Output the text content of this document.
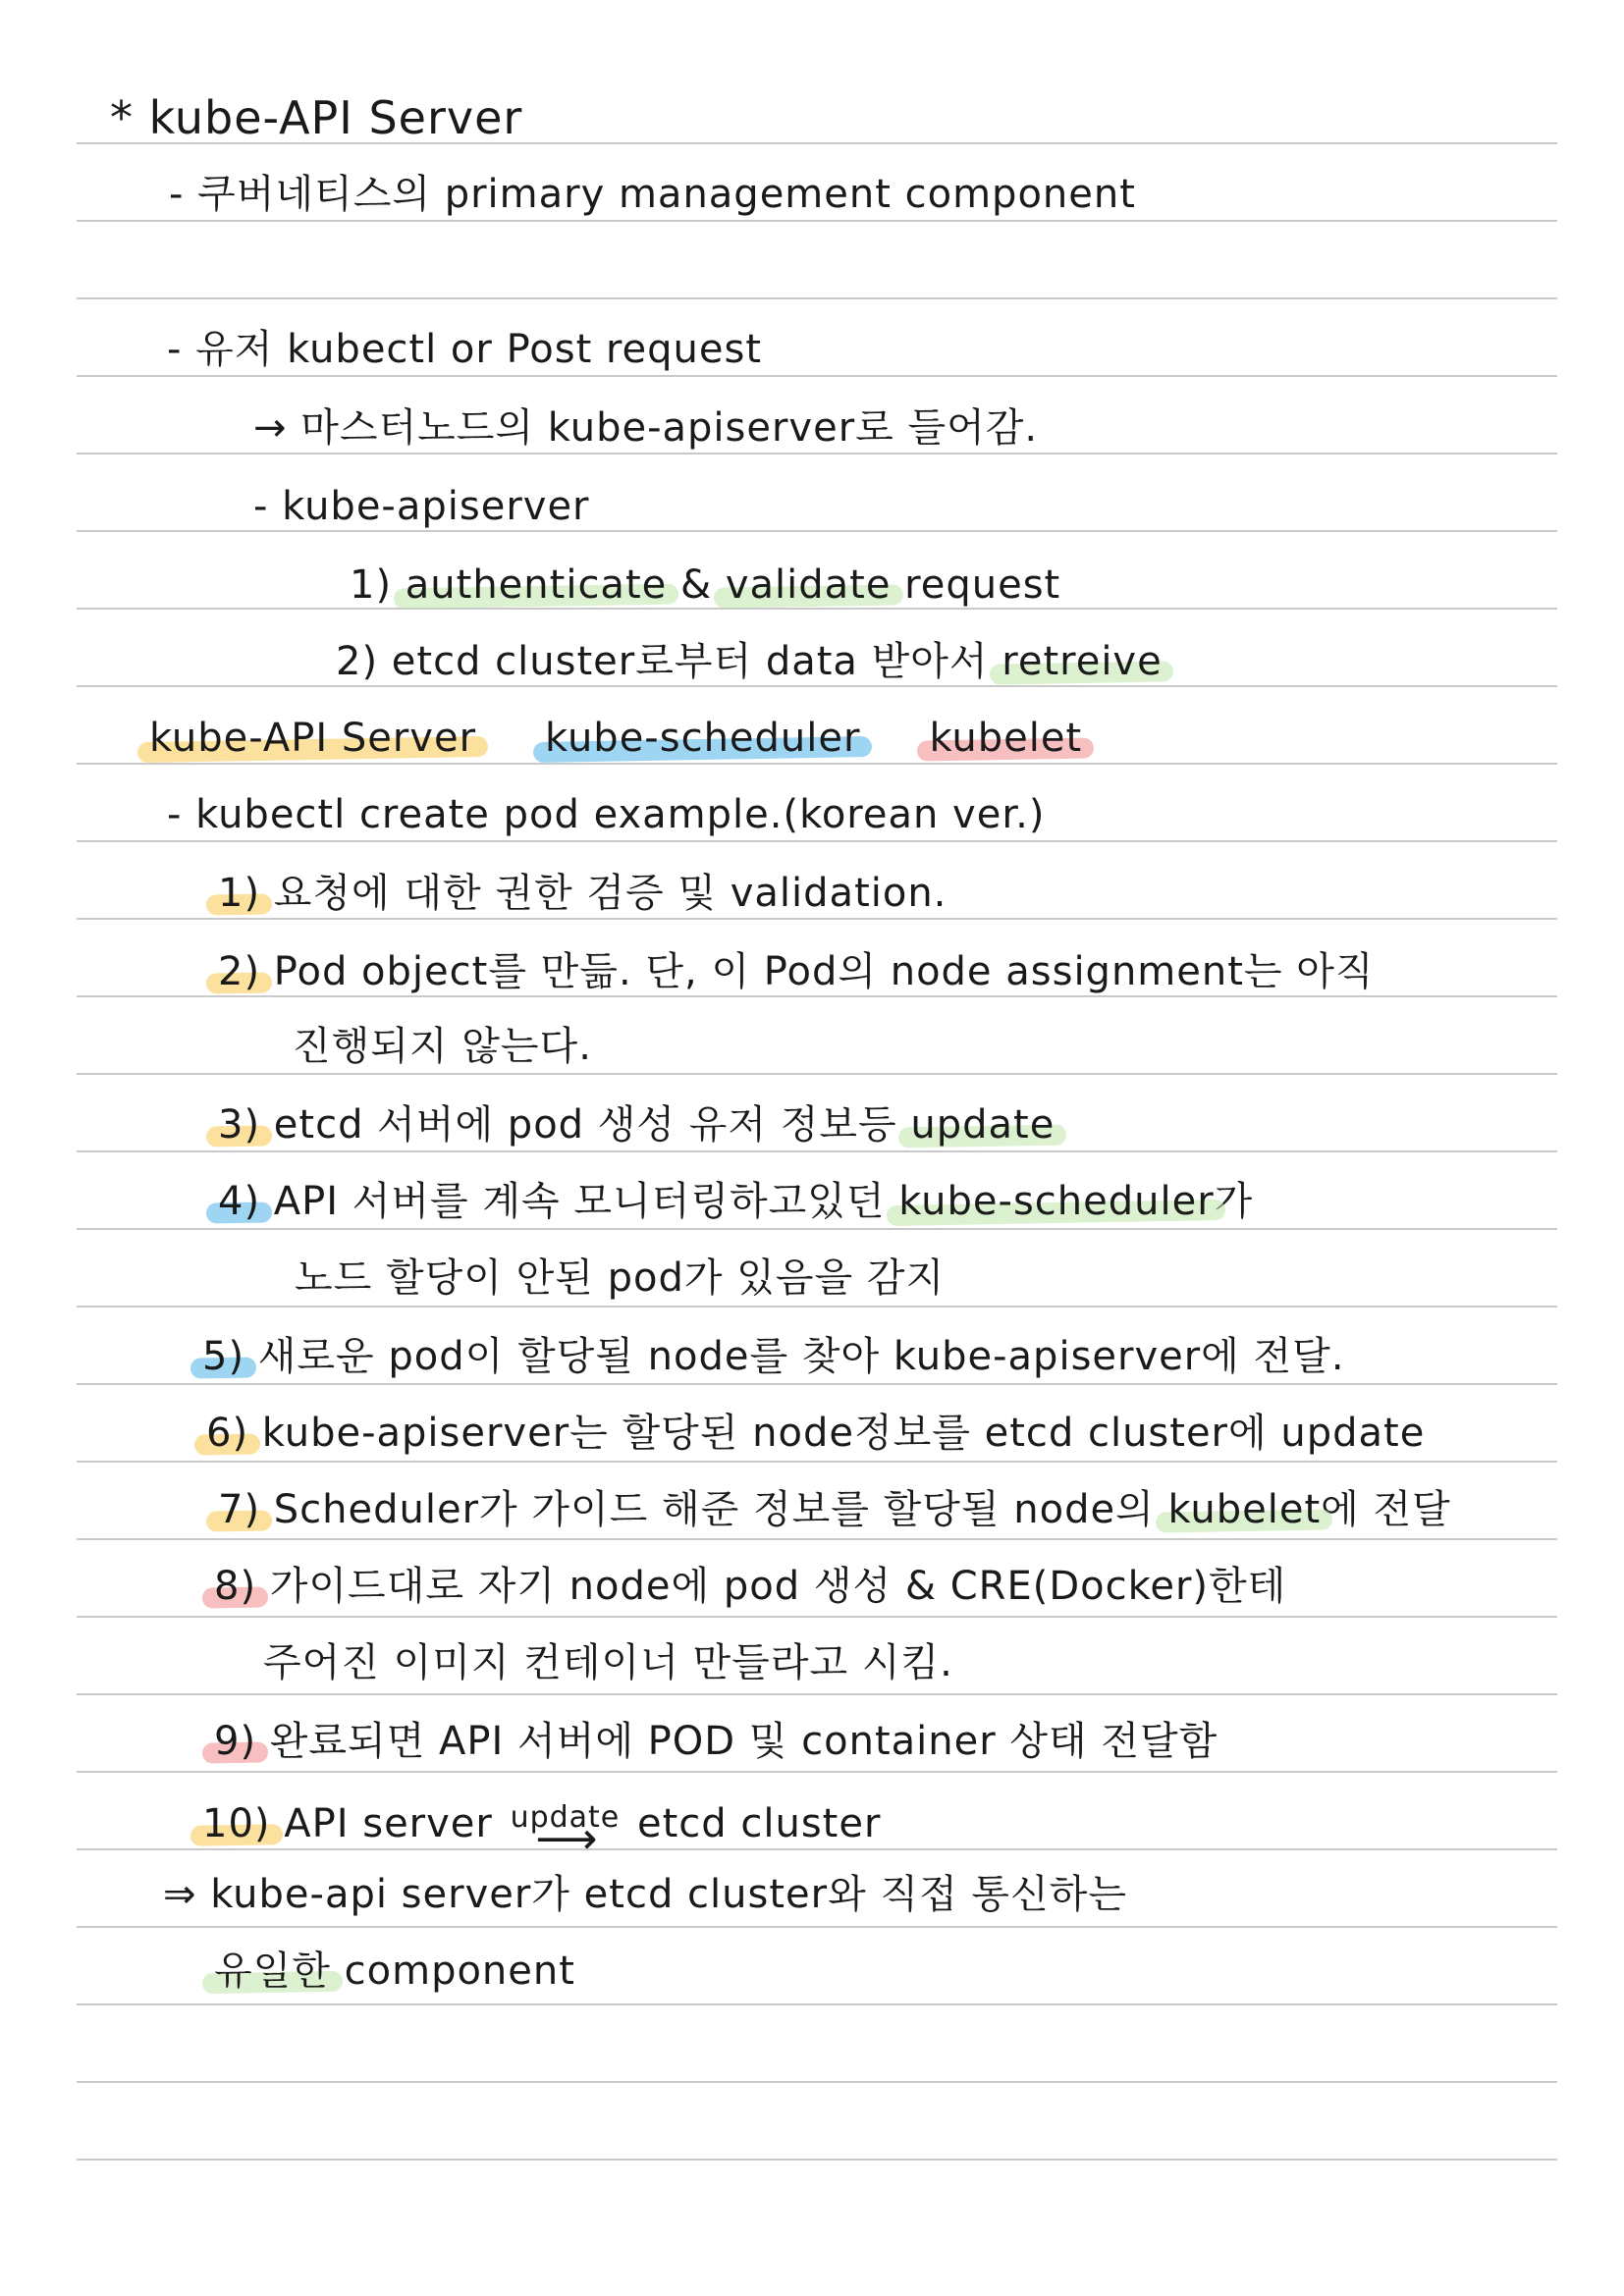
* kube-API Server
- 쿠버네티스의 primary management component
- 유저 kubectl or Post request
→ 마스터노드의 kube-apiserver로 들어감.
- kube-apiserver
1) authenticate & validate request
2) etcd cluster로부터 data 받아서 retreive
kube-API Server kube-scheduler kubelet
- kubectl create pod example.(korean ver.)
1) 요청에 대한 권한 검증 및 validation.
2) Pod object를 만듦. 단, 이 Pod의 node assignment는 아직
진행되지 않는다.
3) etcd 서버에 pod 생성 유저 정보등 update
4) API 서버를 계속 모니터링하고있던 kube-scheduler가
노드 할당이 안된 pod가 있음을 감지
5) 새로운 pod이 할당될 node를 찾아 kube-apiserver에 전달.
6) kube-apiserver는 할당된 node정보를 etcd cluster에 update
7) Scheduler가 가이드 해준 정보를 할당될 node의 kubelet에 전달
8) 가이드대로 자기 node에 pod 생성 & CRE(Docker)한테
주어진 이미지 컨테이너 만들라고 시킴.
9) 완료되면 API 서버에 POD 및 container 상태 전달함
10) API server update ⟶ etcd cluster
⇒ kube-api server가 etcd cluster와 직접 통신하는
유일한 component
